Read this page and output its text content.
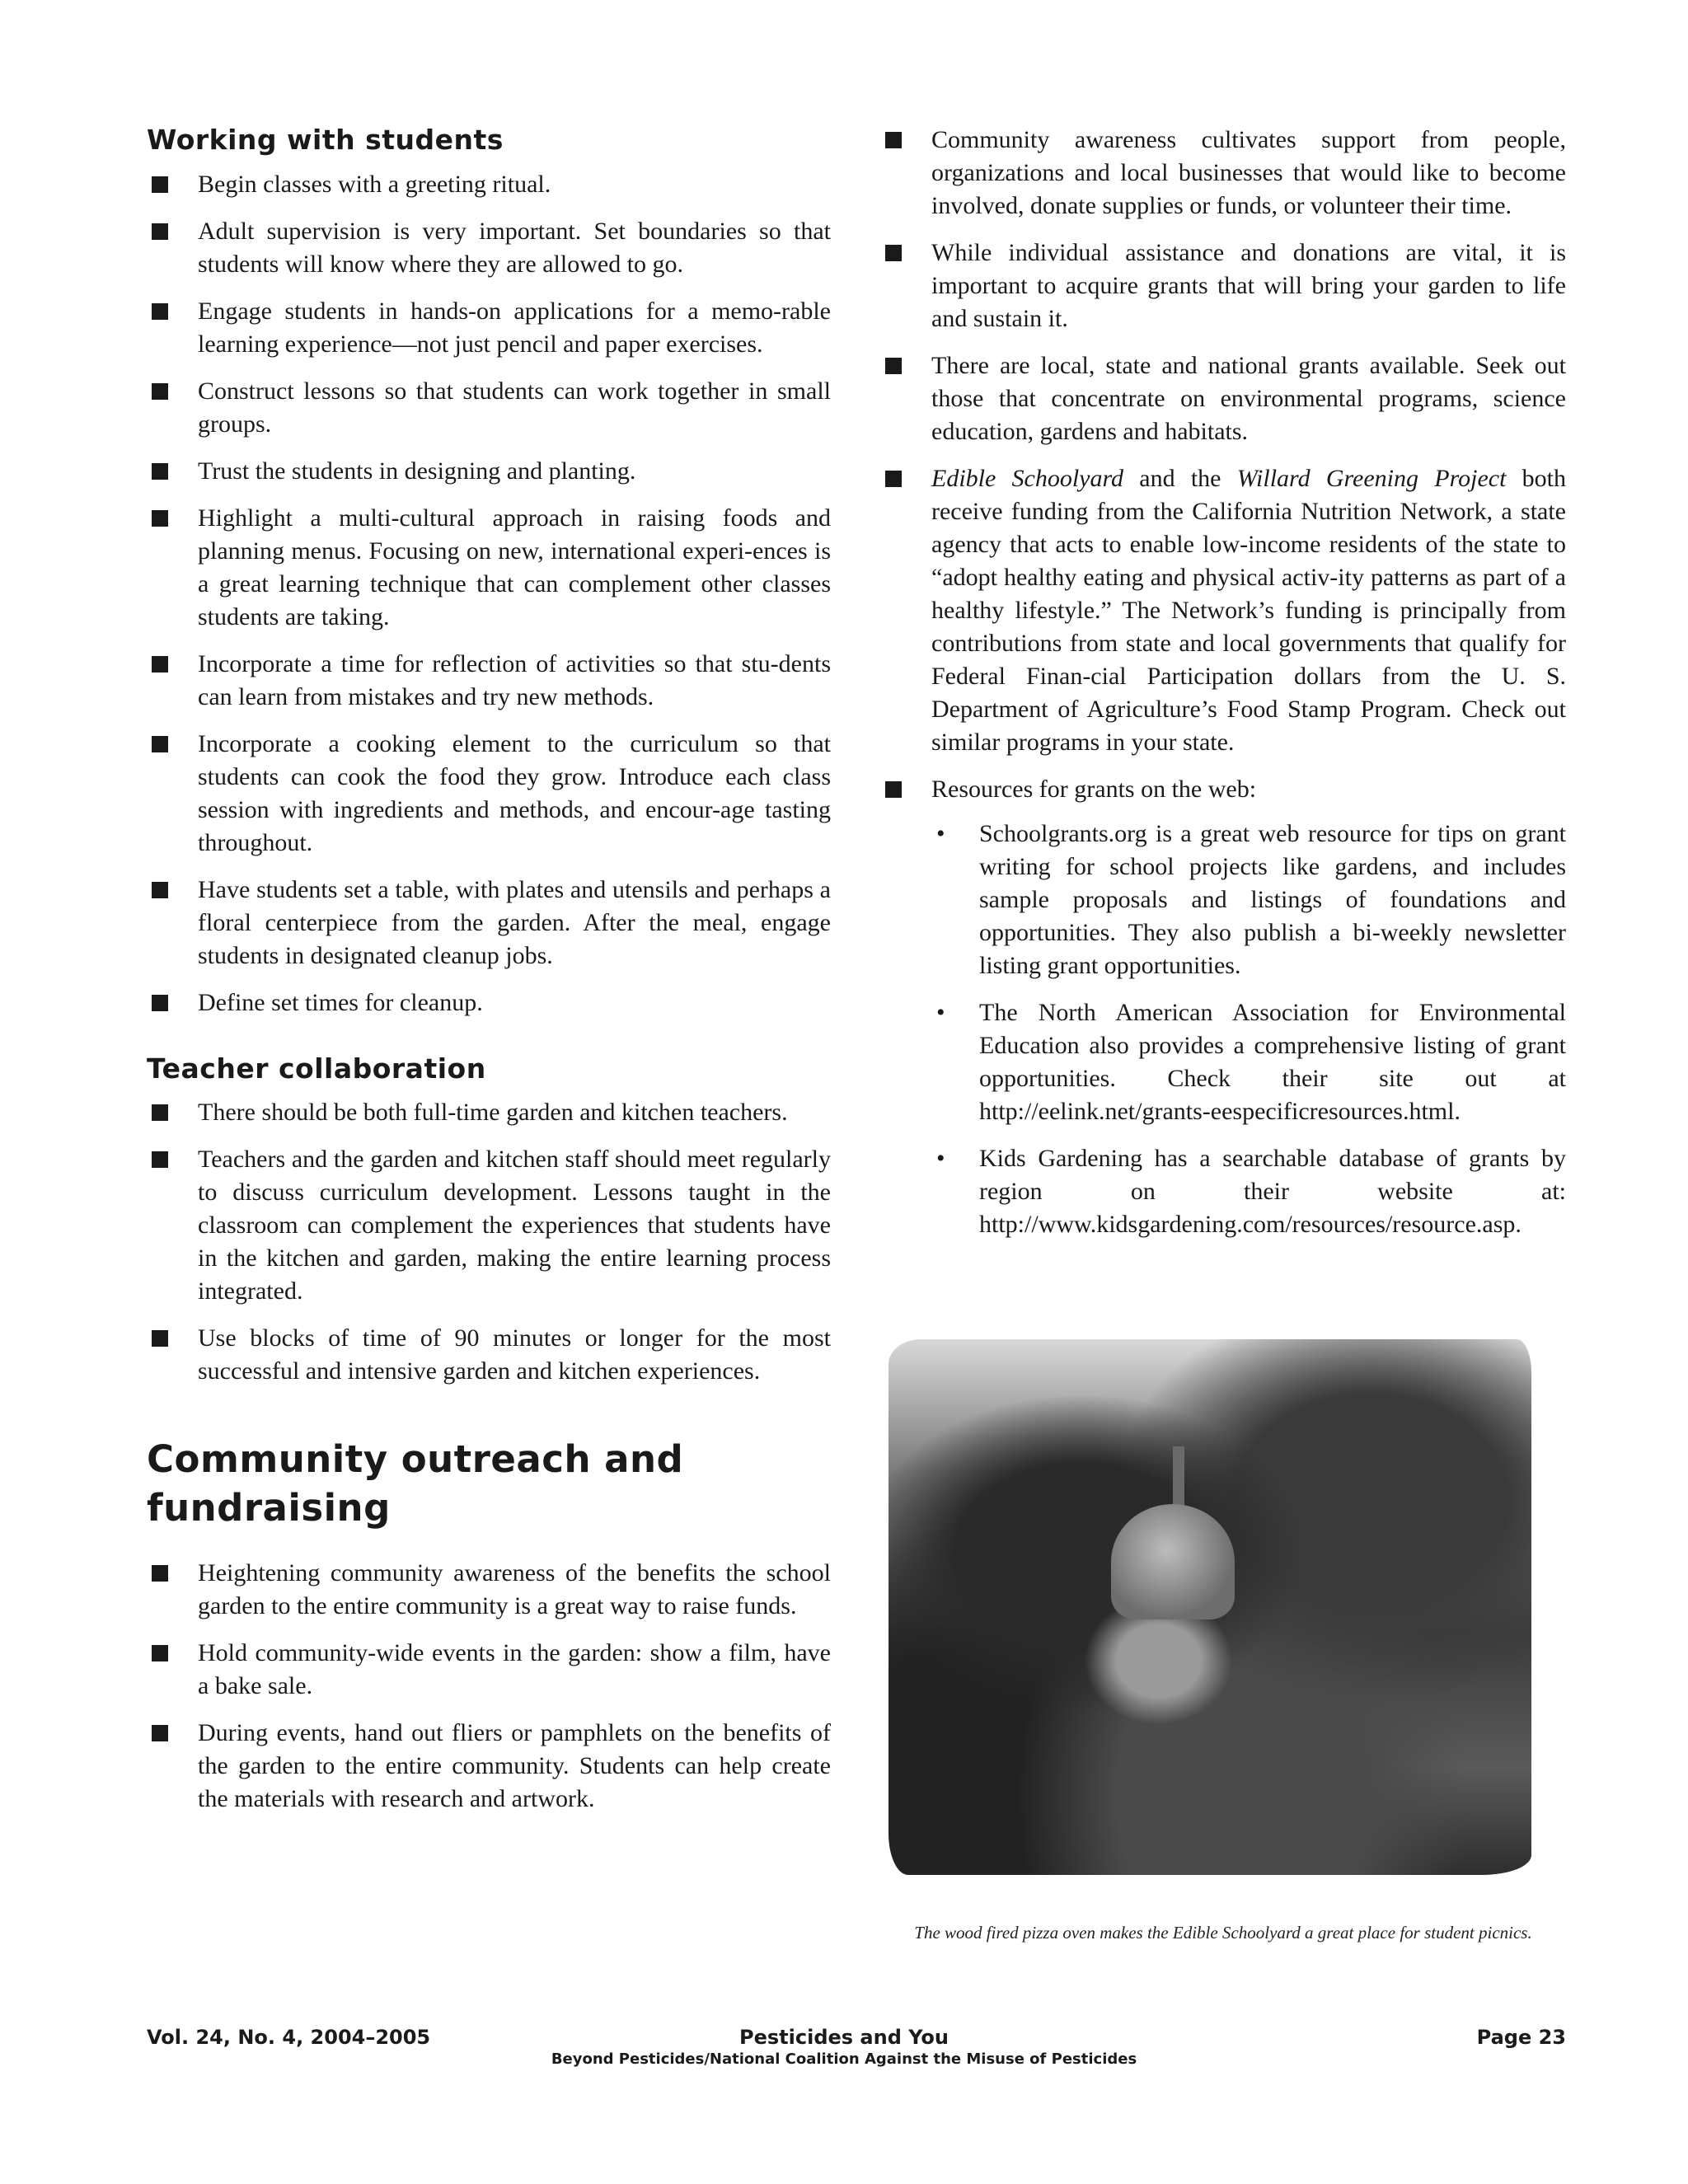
Working with students
Begin classes with a greeting ritual.
Adult supervision is very important. Set boundaries so that students will know where they are allowed to go.
Engage students in hands-on applications for a memo-rable learning experience—not just pencil and paper exercises.
Construct lessons so that students can work together in small groups.
Trust the students in designing and planting.
Highlight a multi-cultural approach in raising foods and planning menus. Focusing on new, international experi-ences is a great learning technique that can complement other classes students are taking.
Incorporate a time for reflection of activities so that stu-dents can learn from mistakes and try new methods.
Incorporate a cooking element to the curriculum so that students can cook the food they grow. Introduce each class session with ingredients and methods, and encour-age tasting throughout.
Have students set a table, with plates and utensils and perhaps a floral centerpiece from the garden. After the meal, engage students in designated cleanup jobs.
Define set times for cleanup.
Teacher collaboration
There should be both full-time garden and kitchen teachers.
Teachers and the garden and kitchen staff should meet regularly to discuss curriculum development. Lessons taught in the classroom can complement the experiences that students have in the kitchen and garden, making the entire learning process integrated.
Use blocks of time of 90 minutes or longer for the most successful and intensive garden and kitchen experiences.
Community outreach and fundraising
Heightening community awareness of the benefits the school garden to the entire community is a great way to raise funds.
Hold community-wide events in the garden: show a film, have a bake sale.
During events, hand out fliers or pamphlets on the benefits of the garden to the entire community. Students can help create the materials with research and artwork.
Community awareness cultivates support from people, organizations and local businesses that would like to become involved, donate supplies or funds, or volunteer their time.
While individual assistance and donations are vital, it is important to acquire grants that will bring your garden to life and sustain it.
There are local, state and national grants available. Seek out those that concentrate on environmental programs, science education, gardens and habitats.
Edible Schoolyard and the Willard Greening Project both receive funding from the California Nutrition Network, a state agency that acts to enable low-income residents of the state to “adopt healthy eating and physical activ-ity patterns as part of a healthy lifestyle.” The Network’s funding is principally from contributions from state and local governments that qualify for Federal Finan-cial Participation dollars from the U. S. Department of Agriculture’s Food Stamp Program. Check out similar programs in your state.
Resources for grants on the web:
• Schoolgrants.org is a great web resource for tips on grant writing for school projects like gardens, and includes sample proposals and listings of foundations and opportunities. They also publish a bi-weekly newsletter listing grant opportunities.
• The North American Association for Environmental Education also provides a comprehensive listing of grant opportunities. Check their site out at http://eelink.net/grants-eespecificresources.html.
• Kids Gardening has a searchable database of grants by region on their website at: http://www.kidsgardening.com/resources/resource.asp.
The wood fired pizza oven makes the Edible Schoolyard a great place for student picnics.
Vol. 24, No. 4, 2004–2005	Pesticides and You
Beyond Pesticides/National Coalition Against the Misuse of Pesticides
Page 23
